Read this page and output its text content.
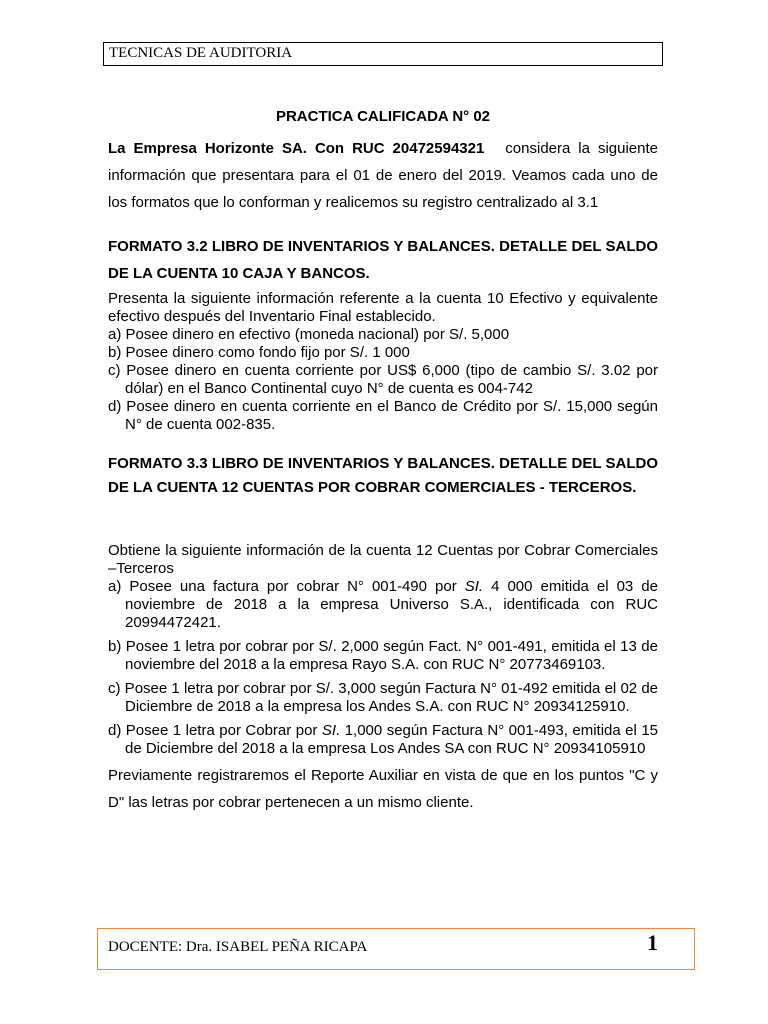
TECNICAS DE AUDITORIA
PRACTICA CALIFICADA N° 02
La Empresa Horizonte SA. Con RUC 20472594321 considera la siguiente información que presentara para el 01 de enero del 2019. Veamos cada uno de los formatos que lo conforman y realicemos su registro centralizado al 3.1
FORMATO 3.2 LIBRO DE INVENTARIOS Y BALANCES. DETALLE DEL SALDO DE LA CUENTA 10 CAJA Y BANCOS.
Presenta la siguiente información referente a la cuenta 10 Efectivo y equivalente efectivo después del Inventario Final establecido.
a) Posee dinero en efectivo (moneda nacional) por S/. 5,000
b) Posee dinero como fondo fijo por S/. 1 000
c) Posee dinero en cuenta corriente por US$ 6,000 (tipo de cambio S/. 3.02 por dólar) en el Banco Continental cuyo N° de cuenta es 004-742
d) Posee dinero en cuenta corriente en el Banco de Crédito por S/. 15,000 según N° de cuenta 002-835.
FORMATO 3.3 LIBRO DE INVENTARIOS Y BALANCES. DETALLE DEL SALDO DE LA CUENTA 12 CUENTAS POR COBRAR COMERCIALES - TERCEROS.
Obtiene la siguiente información de la cuenta 12 Cuentas por Cobrar Comerciales –Terceros
a) Posee una factura por cobrar N° 001-490 por SI. 4 000 emitida el 03 de noviembre de 2018 a la empresa Universo S.A., identificada con RUC 20994472421.
b) Posee 1 letra por cobrar por S/. 2,000 según Fact. N° 001-491, emitida el 13 de noviembre del 2018 a la empresa Rayo S.A. con RUC N° 20773469103.
c) Posee 1 letra por cobrar por S/. 3,000 según Factura N° 01-492 emitida el 02 de Diciembre de 2018 a la empresa los Andes S.A. con RUC N° 20934125910.
d) Posee 1 letra por Cobrar por SI. 1,000 según Factura N° 001-493, emitida el 15 de Diciembre del 2018 a la empresa Los Andes SA con RUC N° 20934105910
Previamente registraremos el Reporte Auxiliar en vista de que en los puntos "C y D" las letras por cobrar pertenecen a un mismo cliente.
DOCENTE: Dra. ISABEL PEÑA RICAPA	1
